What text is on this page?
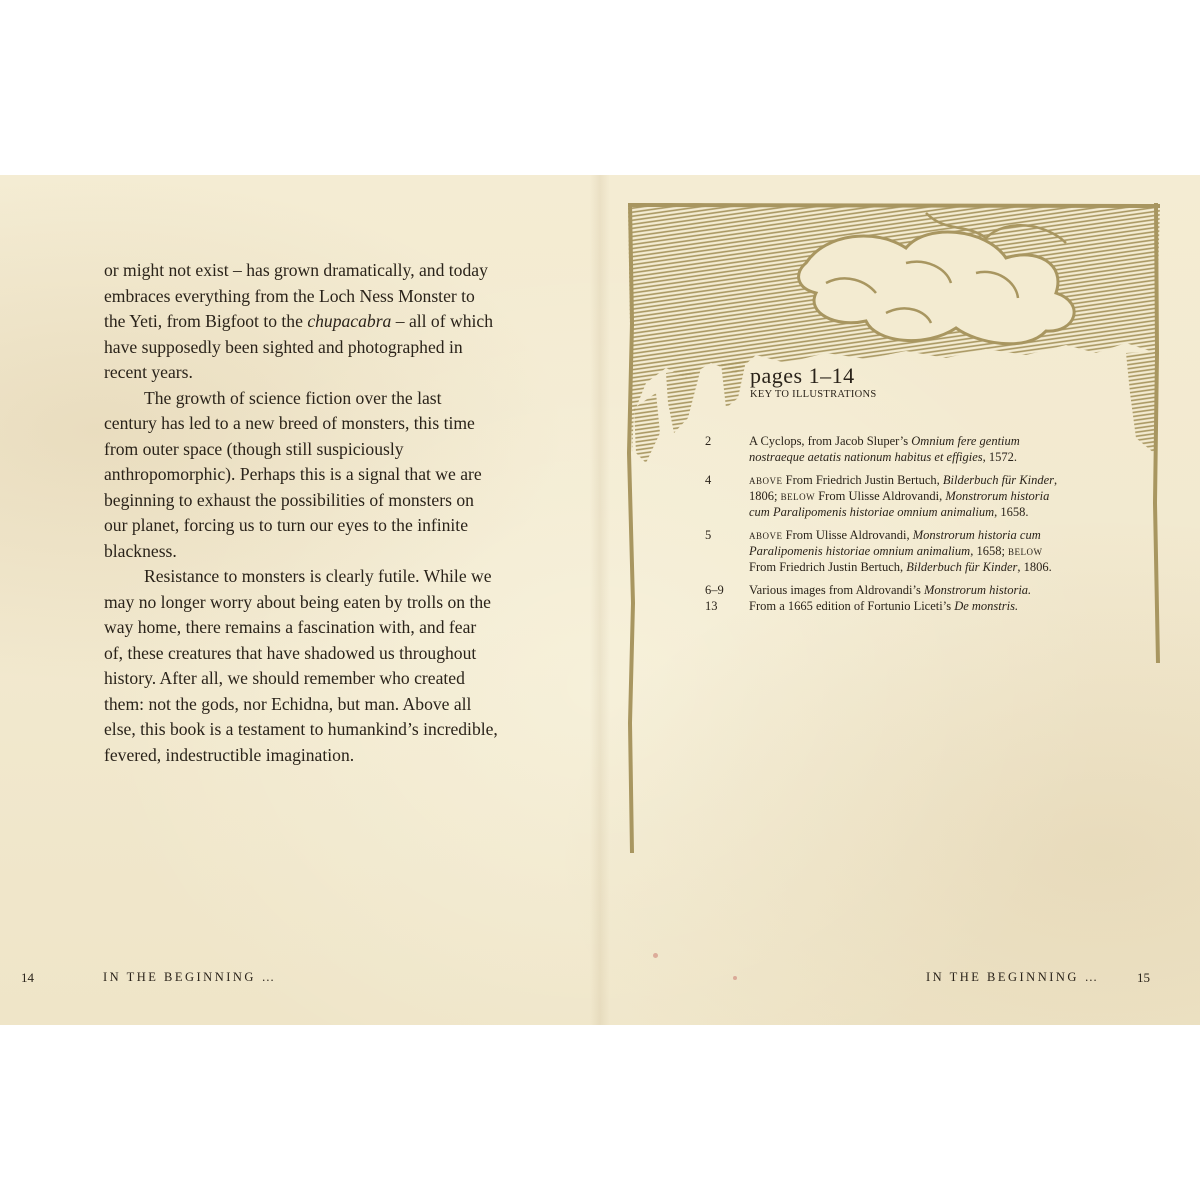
or might not exist – has grown dramatically, and today
embraces everything from the Loch Ness Monster to
the Yeti, from Bigfoot to the chupacabra – all of which
have supposedly been sighted and photographed in
recent years.
The growth of science fiction over the last
century has led to a new breed of monsters, this time
from outer space (though still suspiciously
anthropomorphic). Perhaps this is a signal that we are
beginning to exhaust the possibilities of monsters on
our planet, forcing us to turn our eyes to the infinite
blackness.
Resistance to monsters is clearly futile. While we
may no longer worry about being eaten by trolls on the
way home, there remains a fascination with, and fear
of, these creatures that have shadowed us throughout
history. After all, we should remember who created
them: not the gods, nor Echidna, but man. Above all
else, this book is a testament to humankind’s incredible,
fevered, indestructible imagination.
pages 1–14
KEY TO ILLUSTRATIONS
2	A Cyclops, from Jacob Sluper’s Omnium fere gentium
nostraeque aetatis nationum habitus et effigies, 1572.
4	above From Friedrich Justin Bertuch, Bilderbuch für Kinder,
1806; below From Ulisse Aldrovandi, Monstrorum historia
cum Paralipomenis historiae omnium animalium, 1658.
5	above From Ulisse Aldrovandi, Monstrorum historia cum
Paralipomenis historiae omnium animalium, 1658; below
From Friedrich Justin Bertuch, Bilderbuch für Kinder, 1806.
6–9	Various images from Aldrovandi’s Monstrorum historia.
13	From a 1665 edition of Fortunio Liceti’s De monstris.
14	IN THE BEGINNING …	IN THE BEGINNING …	15
